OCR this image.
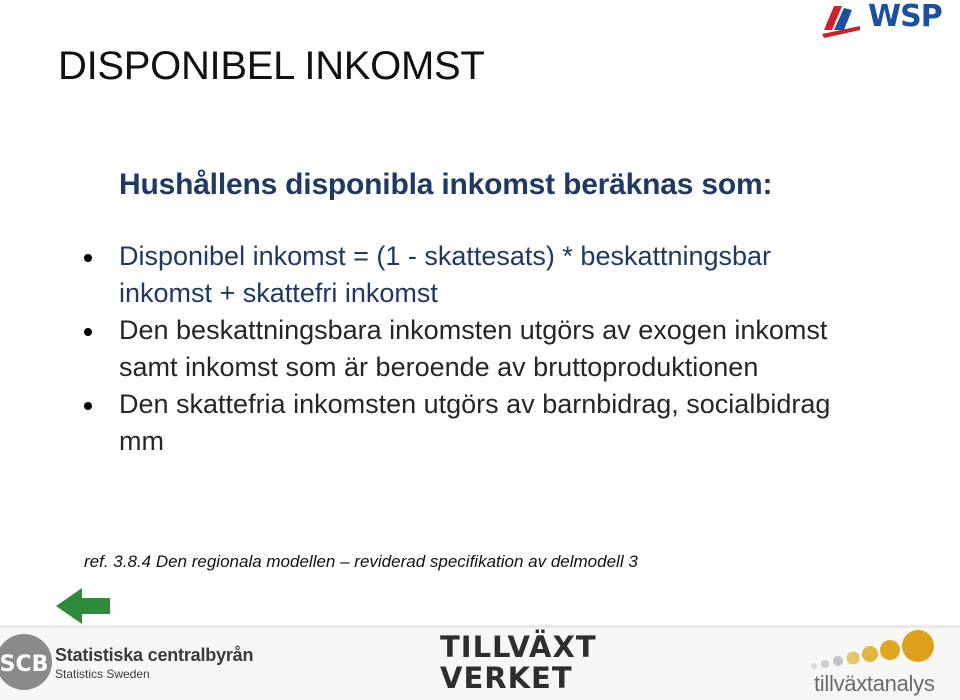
WSP
DISPONIBEL INKOMST
Hushållens disponibla inkomst beräknas som:
Disponibel inkomst = (1 - skattesats) * beskattningsbar inkomst + skattefri inkomst
Den beskattningsbara inkomsten utgörs av exogen inkomst samt inkomst som är beroende av bruttoproduktionen
Den skattefria inkomsten utgörs av barnbidrag, socialbidrag mm

ref. 3.8.4 Den regionala modellen – reviderad specifikation av delmodell 3

SCB Statistiska centralbyrån
Statistics Sweden
TILLVÄXT
VERKET	tillväxtanalys
